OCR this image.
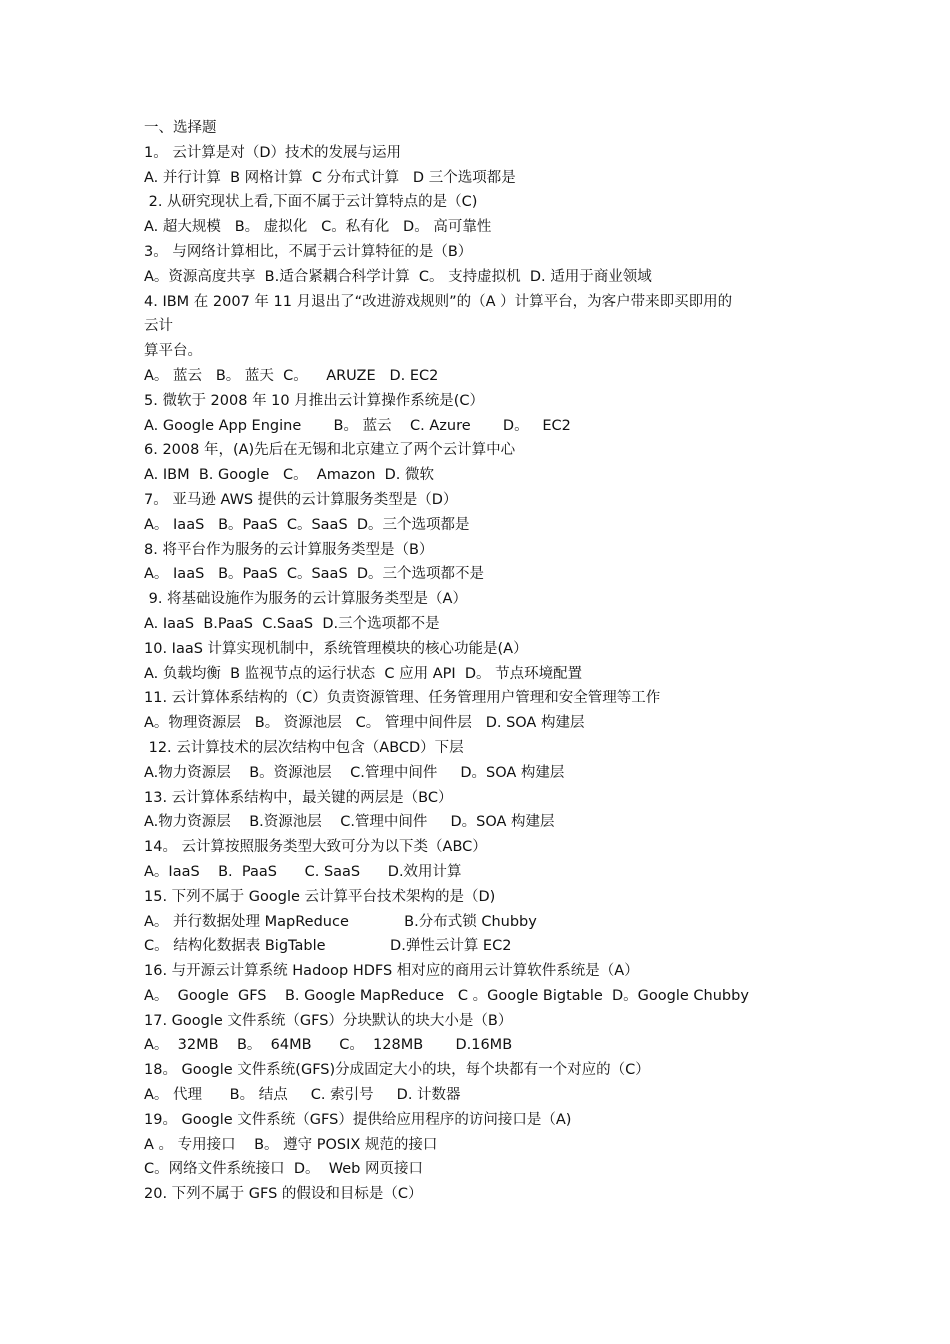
一、选择题
1。 云计算是对（D）技术的发展与运用
A. 并行计算  B 网格计算  C 分布式计算   D 三个选项都是
2. 从研究现状上看,下面不属于云计算特点的是（C)
A. 超大规模   B。 虚拟化   C。私有化   D。 高可靠性
3。 与网络计算相比，不属于云计算特征的是（B）
A。资源高度共享  B.适合紧耦合科学计算  C。 支持虚拟机  D. 适用于商业领域
4. IBM 在 2007 年 11 月退出了“改进游戏规则”的（A ）计算平台，为客户带来即买即用的
云计
算平台。
A。 蓝云   B。 蓝天  C。    ARUZE   D. EC2
5. 微软于 2008 年 10 月推出云计算操作系统是(C）
A. Google App Engine       B。 蓝云    C. Azure       D。   EC2
6. 2008 年，(A)先后在无锡和北京建立了两个云计算中心
A. IBM  B. Google   C。  Amazon  D. 微软
7。 亚马逊 AWS 提供的云计算服务类型是（D）
A。 IaaS   B。PaaS  C。SaaS  D。三个选项都是
8. 将平台作为服务的云计算服务类型是（B）
A。 IaaS   B。PaaS  C。SaaS  D。三个选项都不是
9. 将基础设施作为服务的云计算服务类型是（A）
A. IaaS  B.PaaS  C.SaaS  D.三个选项都不是
10. IaaS 计算实现机制中，系统管理模块的核心功能是(A）
A. 负载均衡  B 监视节点的运行状态  C 应用 API  D。 节点环境配置
11. 云计算体系结构的（C）负责资源管理、任务管理用户管理和安全管理等工作
A。物理资源层   B。 资源池层   C。 管理中间件层   D. SOA 构建层
12. 云计算技术的层次结构中包含（ABCD）下层
A.物力资源层    B。资源池层    C.管理中间件     D。SOA 构建层
13. 云计算体系结构中，最关键的两层是（BC）
A.物力资源层    B.资源池层    C.管理中间件     D。SOA 构建层
14。 云计算按照服务类型大致可分为以下类（ABC）
A。IaaS    B.  PaaS      C. SaaS      D.效用计算
15. 下列不属于 Google 云计算平台技术架构的是（D)
A。 并行数据处理 MapReduce            B.分布式锁 Chubby
C。 结构化数据表 BigTable              D.弹性云计算 EC2
16. 与开源云计算系统 Hadoop HDFS 相对应的商用云计算软件系统是（A）
A。  Google  GFS    B. Google MapReduce   C 。Google Bigtable  D。Google Chubby
17. Google 文件系统（GFS）分块默认的块大小是（B）
A。  32MB    B。  64MB      C。  128MB       D.16MB
18。 Google 文件系统(GFS)分成固定大小的块，每个块都有一个对应的（C）
A。 代理      B。 结点     C. 索引号     D. 计数器
19。 Google 文件系统（GFS）提供给应用程序的访问接口是（A)
A 。 专用接口    B。 遵守 POSIX 规范的接口
C。网络文件系统接口  D。  Web 网页接口
20. 下列不属于 GFS 的假设和目标是（C）
